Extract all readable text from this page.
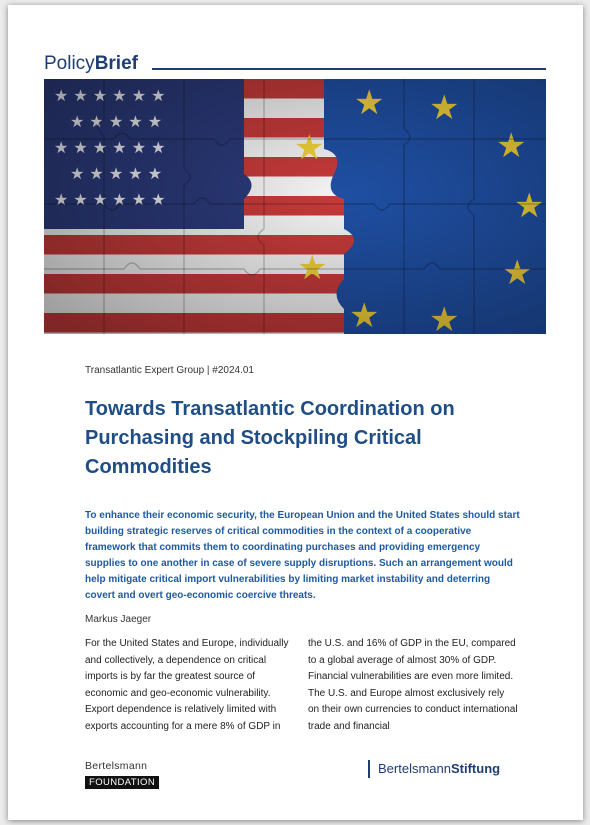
PolicyBrief
Transatlantic Expert Group | #2024.01
Towards Transatlantic Coordination on Purchasing and Stockpiling Critical Commodities

To enhance their economic security, the European Union and the United States should start building strategic reserves of critical commodities in the context of a cooperative framework that commits them to coordinating purchases and providing emergency supplies to one another in case of severe supply disruptions. Such an arrangement would help mitigate critical import vulnerabilities by limiting market instability and deterring covert and overt geo-economic coercive threats.

Markus Jaeger

For the United States and Europe, individually and collectively, a dependence on critical imports is by far the greatest source of economic and geo-economic vulnerability. Export dependence is relatively limited with exports accounting for a mere 8% of GDP in

the U.S. and 16% of GDP in the EU, compared to a global average of almost 30% of GDP. Financial vulnerabilities are even more limited. The U.S. and Europe almost exclusively rely on their own currencies to conduct international trade and financial

Bertelsmann
FOUNDATION
BertelsmannStiftung
